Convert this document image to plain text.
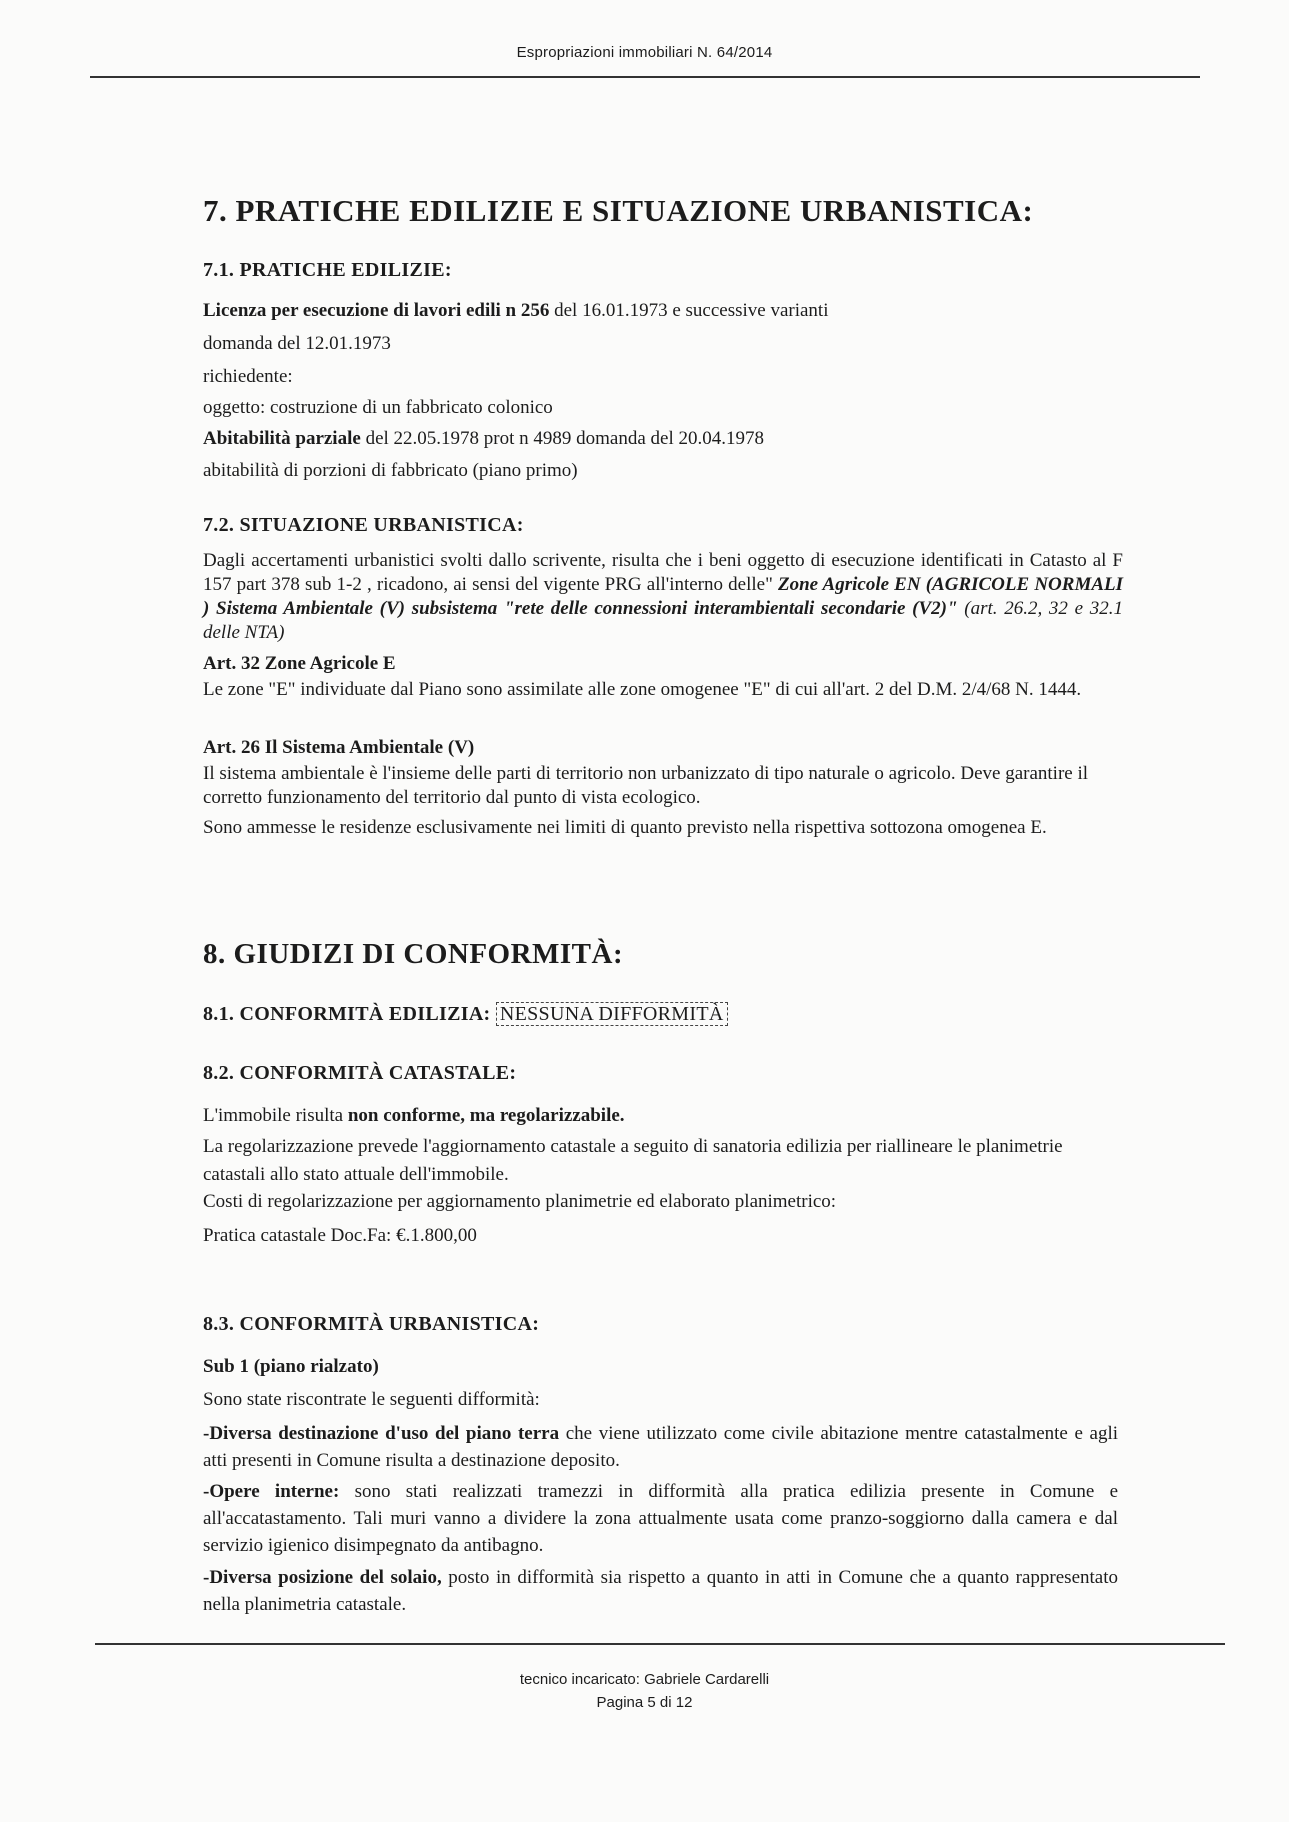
Espropriazioni immobiliari N. 64/2014
7. PRATICHE EDILIZIE E SITUAZIONE URBANISTICA:
7.1. PRATICHE EDILIZIE:
Licenza per esecuzione di lavori edili n 256 del 16.01.1973 e successive varianti
domanda del 12.01.1973
richiedente:
oggetto: costruzione di un fabbricato colonico
Abitabilità parziale del 22.05.1978 prot n 4989 domanda del 20.04.1978
abitabilità di porzioni di fabbricato (piano primo)
7.2. SITUAZIONE URBANISTICA:
Dagli accertamenti urbanistici svolti dallo scrivente, risulta che i beni oggetto di esecuzione identificati in Catasto al F 157 part 378 sub 1-2 , ricadono, ai sensi del vigente PRG all'interno delle" Zone Agricole EN (AGRICOLE NORMALI ) Sistema Ambientale (V) subsistema "rete delle connessioni interambientali secondarie (V2)" (art. 26.2, 32 e 32.1 delle NTA)
Art. 32 Zone Agricole E
Le zone "E" individuate dal Piano sono assimilate alle zone omogenee "E" di cui all'art. 2 del D.M. 2/4/68 N. 1444.
Art. 26 Il Sistema Ambientale (V)
Il sistema ambientale è l'insieme delle parti di territorio non urbanizzato di tipo naturale o agricolo. Deve garantire il corretto funzionamento del territorio dal punto di vista ecologico.
Sono ammesse le residenze esclusivamente nei limiti di quanto previsto nella rispettiva sottozona omogenea E.
8. GIUDIZI DI CONFORMITÀ:
8.1. CONFORMITÀ EDILIZIA: NESSUNA DIFFORMITÀ
8.2. CONFORMITÀ CATASTALE:
L'immobile risulta non conforme, ma regolarizzabile.
La regolarizzazione prevede l'aggiornamento catastale a seguito di sanatoria edilizia per riallineare le planimetrie catastali allo stato attuale dell'immobile.
Costi di regolarizzazione per aggiornamento planimetrie ed elaborato planimetrico:
Pratica catastale Doc.Fa: €.1.800,00
8.3. CONFORMITÀ URBANISTICA:
Sub 1 (piano rialzato)
Sono state riscontrate le seguenti difformità:
-Diversa destinazione d'uso del piano terra che viene utilizzato come civile abitazione mentre catastalmente e agli atti presenti in Comune risulta a destinazione deposito.
-Opere interne: sono stati realizzati tramezzi in difformità alla pratica edilizia presente in Comune e all'accatastamento. Tali muri vanno a dividere la zona attualmente usata come pranzo-soggiorno dalla camera e dal servizio igienico disimpegnato da antibagno.
-Diversa posizione del solaio, posto in difformità sia rispetto a quanto in atti in Comune che a quanto rappresentato nella planimetria catastale.
tecnico incaricato: Gabriele Cardarelli
Pagina 5 di 12
